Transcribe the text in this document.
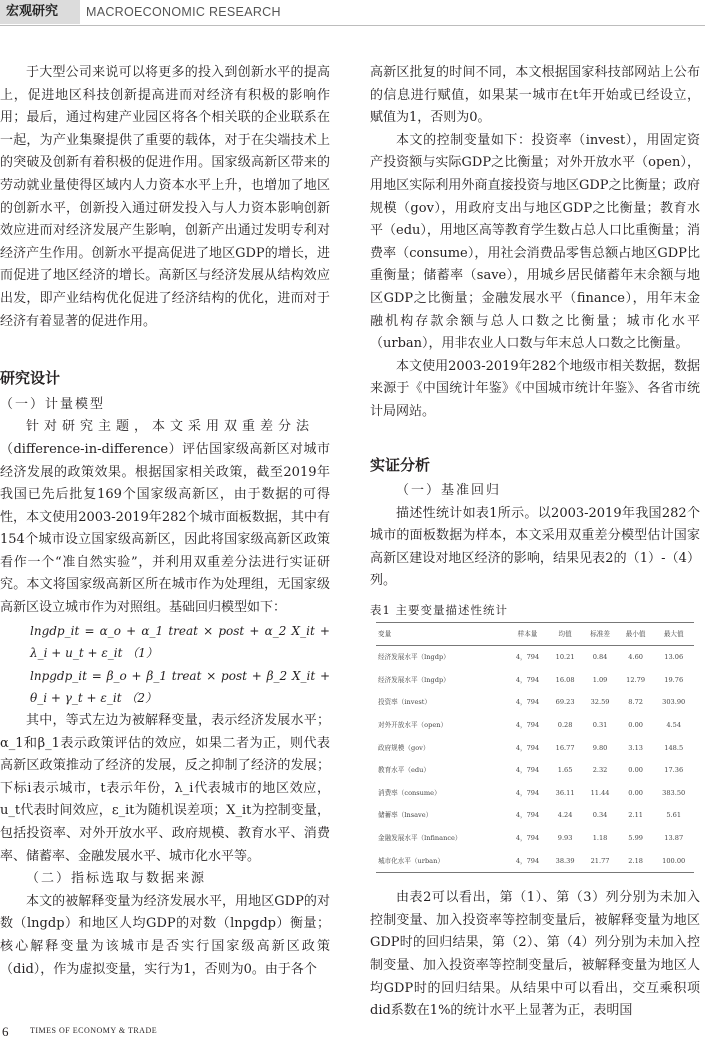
宏观研究	MACROECONOMIC RESEARCH

于大型公司来说可以将更多的投入到创新水平的提高上，促进地区科技创新提高进而对经济有积极的影响作用；最后，通过构建产业园区将各个相关联的企业联系在一起，为产业集聚提供了重要的载体，对于在尖端技术上的突破及创新有着积极的促进作用。国家级高新区带来的劳动就业量使得区域内人力资本水平上升，也增加了地区的创新水平，创新投入通过研发投入与人力资本影响创新效应进而对经济发展产生影响，创新产出通过发明专利对经济产生作用。创新水平提高促进了地区GDP的增长，进而促进了地区经济的增长。高新区与经济发展从结构效应出发，即产业结构优化促进了经济结构的优化，进而对于经济有着显著的促进作用。

研究设计

（一）计量模型

针对研究主题，本文采用双重差分法

（difference-in-difference）评估国家级高新区对城市经济发展的政策效果。根据国家相关政策，截至2019年我国已先后批复169个国家级高新区，由于数据的可得性，本文使用2003-2019年282个城市面板数据，其中有154个城市设立国家级高新区，因此将国家级高新区政策看作一个“准自然实验”，并利用双重差分法进行实证研究。本文将国家级高新区所在城市作为处理组，无国家级高新区设立城市作为对照组。基础回归模型如下：

lngdp_it = α_o + α_1 treat × post + α_2 X_it + λ_i + u_t + ε_it （1）

lnpgdp_it = β_o + β_1 treat × post + β_2 X_it + θ_i + γ_t + ε_it （2）

其中，等式左边为被解释变量，表示经济发展水平；α_1和β_1表示政策评估的效应，如果二者为正，则代表高新区政策推动了经济的发展，反之抑制了经济的发展；下标i表示城市，t表示年份，λ_i代表城市的地区效应，u_t代表时间效应，ε_it为随机误差项；X_it为控制变量，包括投资率、对外开放水平、政府规模、教育水平、消费率、储蓄率、金融发展水平、城市化水平等。

（二）指标选取与数据来源

本文的被解释变量为经济发展水平，用地区GDP的对数（lngdp）和地区人均GDP的对数（lnpgdp）衡量；核心解释变量为该城市是否实行国家级高新区政策（did），作为虚拟变量，实行为1，否则为0。由于各个

高新区批复的时间不同，本文根据国家科技部网站上公布的信息进行赋值，如果某一城市在t年开始或已经设立，赋值为1，否则为0。

本文的控制变量如下：投资率（invest），用固定资产投资额与实际GDP之比衡量；对外开放水平（open），用地区实际利用外商直接投资与地区GDP之比衡量；政府规模（gov），用政府支出与地区GDP之比衡量；教育水平（edu），用地区高等教育学生数占总人口比重衡量；消费率（consume），用社会消费品零售总额占地区GDP比重衡量；储蓄率（save），用城乡居民储蓄年末余额与地区GDP之比衡量；金融发展水平（finance），用年末金融机构存款余额与总人口数之比衡量；城市化水平（urban），用非农业人口数与年末总人口数之比衡量。

本文使用2003-2019年282个地级市相关数据，数据来源于《中国统计年鉴》《中国城市统计年鉴》、各省市统计局网站。

实证分析

（一）基准回归

描述性统计如表1所示。以2003-2019年我国282个城市的面板数据为样本，本文采用双重差分模型估计国家高新区建设对地区经济的影响，结果见表2的（1）-（4）列。

表1 主要变量描述性统计

变量	样本量	均值	标准差	最小值	最大值
经济发展水平（lngdp）	4，794	10.21	0.84	4.60	13.06
经济发展水平（lngdp）	4，794	16.08	1.09	12.79	19.76
投资率（invest）	4，794	69.23	32.59	8.72	303.90
对外开放水平（open）	4，794	0.28	0.31	0.00	4.54
政府规模（gov）	4，794	16.77	9.80	3.13	148.5
教育水平（edu）	4，794	1.65	2.32	0.00	17.36
消费率（consume）	4，794	36.11	11.44	0.00	383.50
储蓄率（lnsave）	4，794	4.24	0.34	2.11	5.61
金融发展水平（lnfinance）	4，794	9.93	1.18	5.99	13.87
城市化水平（urban）	4，794	38.39	21.77	2.18	100.00

由表2可以看出，第（1）、第（3）列分别为未加入控制变量、加入投资率等控制变量后，被解释变量为地区GDP时的回归结果，第（2）、第（4）列分别为未加入控制变量、加入投资率等控制变量后，被解释变量为地区人均GDP时的回归结果。从结果中可以看出，交互乘积项did系数在1%的统计水平上显著为正，表明国

6	TIMES OF ECONOMY & TRADE
